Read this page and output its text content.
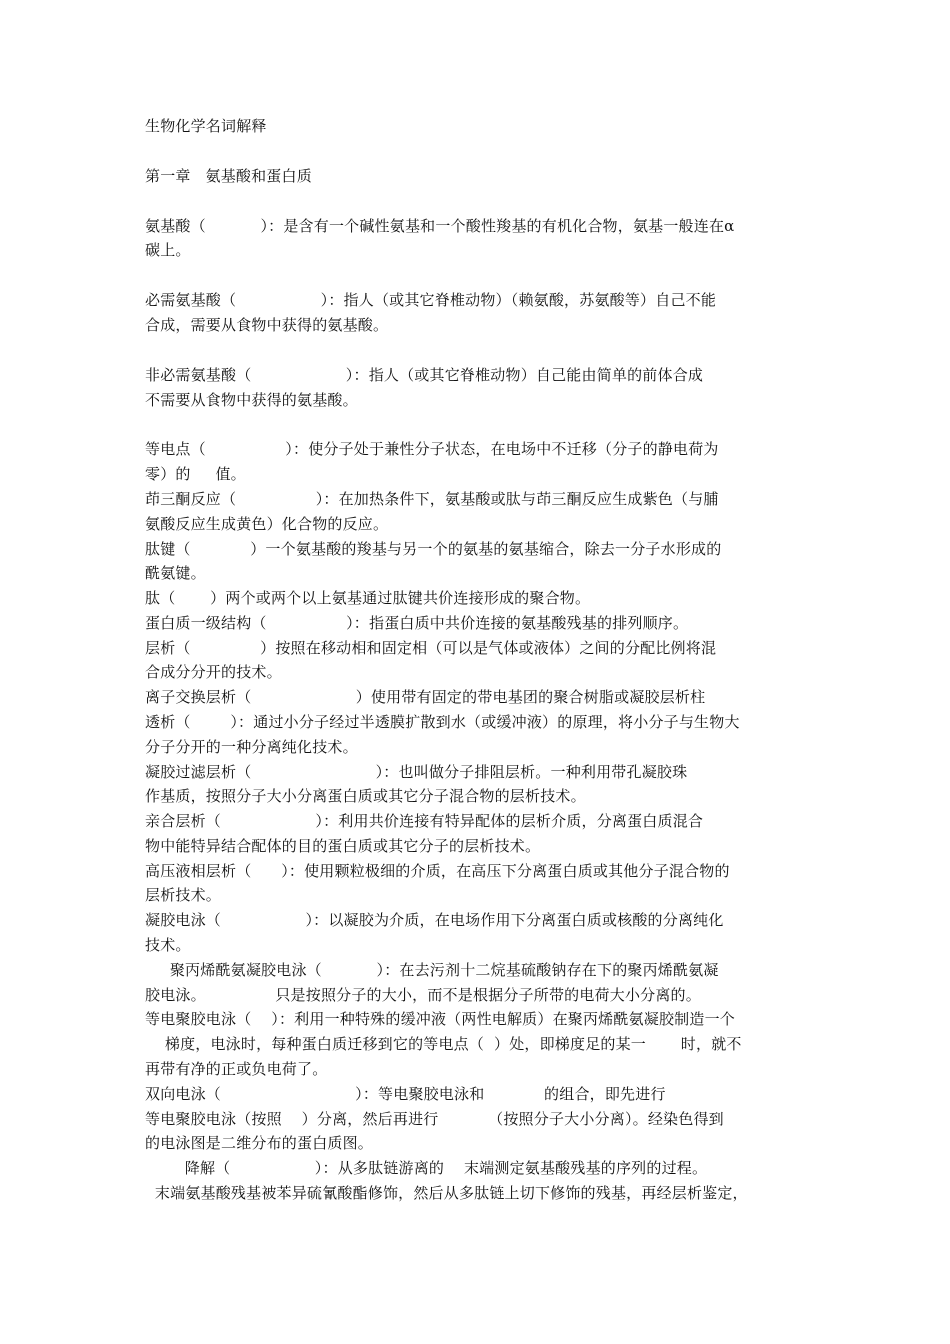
生物化学名词解释
第一章   氨基酸和蛋白质
氨基酸（           ）：是含有一个碱性氨基和一个酸性羧基的有机化合物，氨基一般连在α
碳上。
必需氨基酸（                 ）：指人（或其它脊椎动物）（赖氨酸，苏氨酸等）自己不能
合成，需要从食物中获得的氨基酸。
非必需氨基酸（                   ）：指人（或其它脊椎动物）自己能由简单的前体合成
不需要从食物中获得的氨基酸。
等电点（                ）：使分子处于兼性分子状态，在电场中不迁移（分子的静电荷为
零）的     值。
茚三酮反应（                ）：在加热条件下，氨基酸或肽与茚三酮反应生成紫色（与脯
氨酸反应生成黄色）化合物的反应。
肽键（            ）一个氨基酸的羧基与另一个的氨基的氨基缩合，除去一分子水形成的
酰氨键。
肽（       ）两个或两个以上氨基通过肽键共价连接形成的聚合物。
蛋白质一级结构（                ）：指蛋白质中共价连接的氨基酸残基的排列顺序。
层析（              ）按照在移动相和固定相（可以是气体或液体）之间的分配比例将混
合成分分开的技术。
离子交换层析（                     ）使用带有固定的带电基团的聚合树脂或凝胶层析柱
透析（        ）：通过小分子经过半透膜扩散到水（或缓冲液）的原理，将小分子与生物大
分子分开的一种分离纯化技术。
凝胶过滤层析（                         ）：也叫做分子排阻层析。一种利用带孔凝胶珠
作基质，按照分子大小分离蛋白质或其它分子混合物的层析技术。
亲合层析（                   ）：利用共价连接有特异配体的层析介质，分离蛋白质混合
物中能特异结合配体的目的蛋白质或其它分子的层析技术。
高压液相层析（      ）：使用颗粒极细的介质，在高压下分离蛋白质或其他分子混合物的
层析技术。
凝胶电泳（                 ）：以凝胶为介质，在电场作用下分离蛋白质或核酸的分离纯化
技术。
聚丙烯酰氨凝胶电泳（           ）：在去污剂十二烷基硫酸钠存在下的聚丙烯酰氨凝
胶电泳。              只是按照分子的大小，而不是根据分子所带的电荷大小分离的。
等电聚胶电泳（    ）：利用一种特殊的缓冲液（两性电解质）在聚丙烯酰氨凝胶制造一个
梯度，电泳时，每种蛋白质迁移到它的等电点（  ）处，即梯度足的某一       时，就不
再带有净的正或负电荷了。
双向电泳（                           ）：等电聚胶电泳和            的组合，即先进行
等电聚胶电泳（按照    ）分离，然后再进行          （按照分子大小分离）。经染色得到
的电泳图是二维分布的蛋白质图。
降解（                 ）：从多肽链游离的    末端测定氨基酸残基的序列的过程。
末端氨基酸残基被苯异硫氰酸酯修饰，然后从多肽链上切下修饰的残基，再经层析鉴定，
